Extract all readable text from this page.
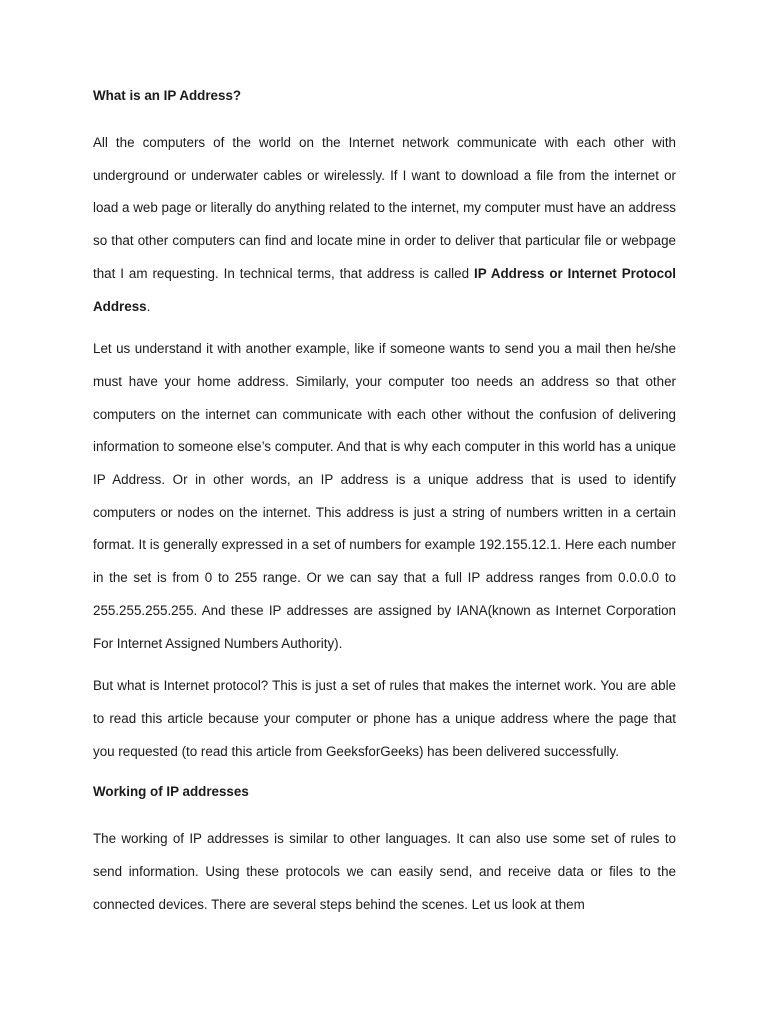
What is an IP Address?

All the computers of the world on the Internet network communicate with each other with underground or underwater cables or wirelessly. If I want to download a file from the internet or load a web page or literally do anything related to the internet, my computer must have an address so that other computers can find and locate mine in order to deliver that particular file or webpage that I am requesting. In technical terms, that address is called IP Address or Internet Protocol Address.

Let us understand it with another example, like if someone wants to send you a mail then he/she must have your home address. Similarly, your computer too needs an address so that other computers on the internet can communicate with each other without the confusion of delivering information to someone else’s computer. And that is why each computer in this world has a unique IP Address. Or in other words, an IP address is a unique address that is used to identify computers or nodes on the internet. This address is just a string of numbers written in a certain format. It is generally expressed in a set of numbers for example 192.155.12.1. Here each number in the set is from 0 to 255 range. Or we can say that a full IP address ranges from 0.0.0.0 to 255.255.255.255. And these IP addresses are assigned by IANA(known as Internet Corporation For Internet Assigned Numbers Authority).

But what is Internet protocol? This is just a set of rules that makes the internet work. You are able to read this article because your computer or phone has a unique address where the page that you requested (to read this article from GeeksforGeeks) has been delivered successfully.

Working of IP addresses

The working of IP addresses is similar to other languages. It can also use some set of rules to send information. Using these protocols we can easily send, and receive data or files to the connected devices. There are several steps behind the scenes. Let us look at them
